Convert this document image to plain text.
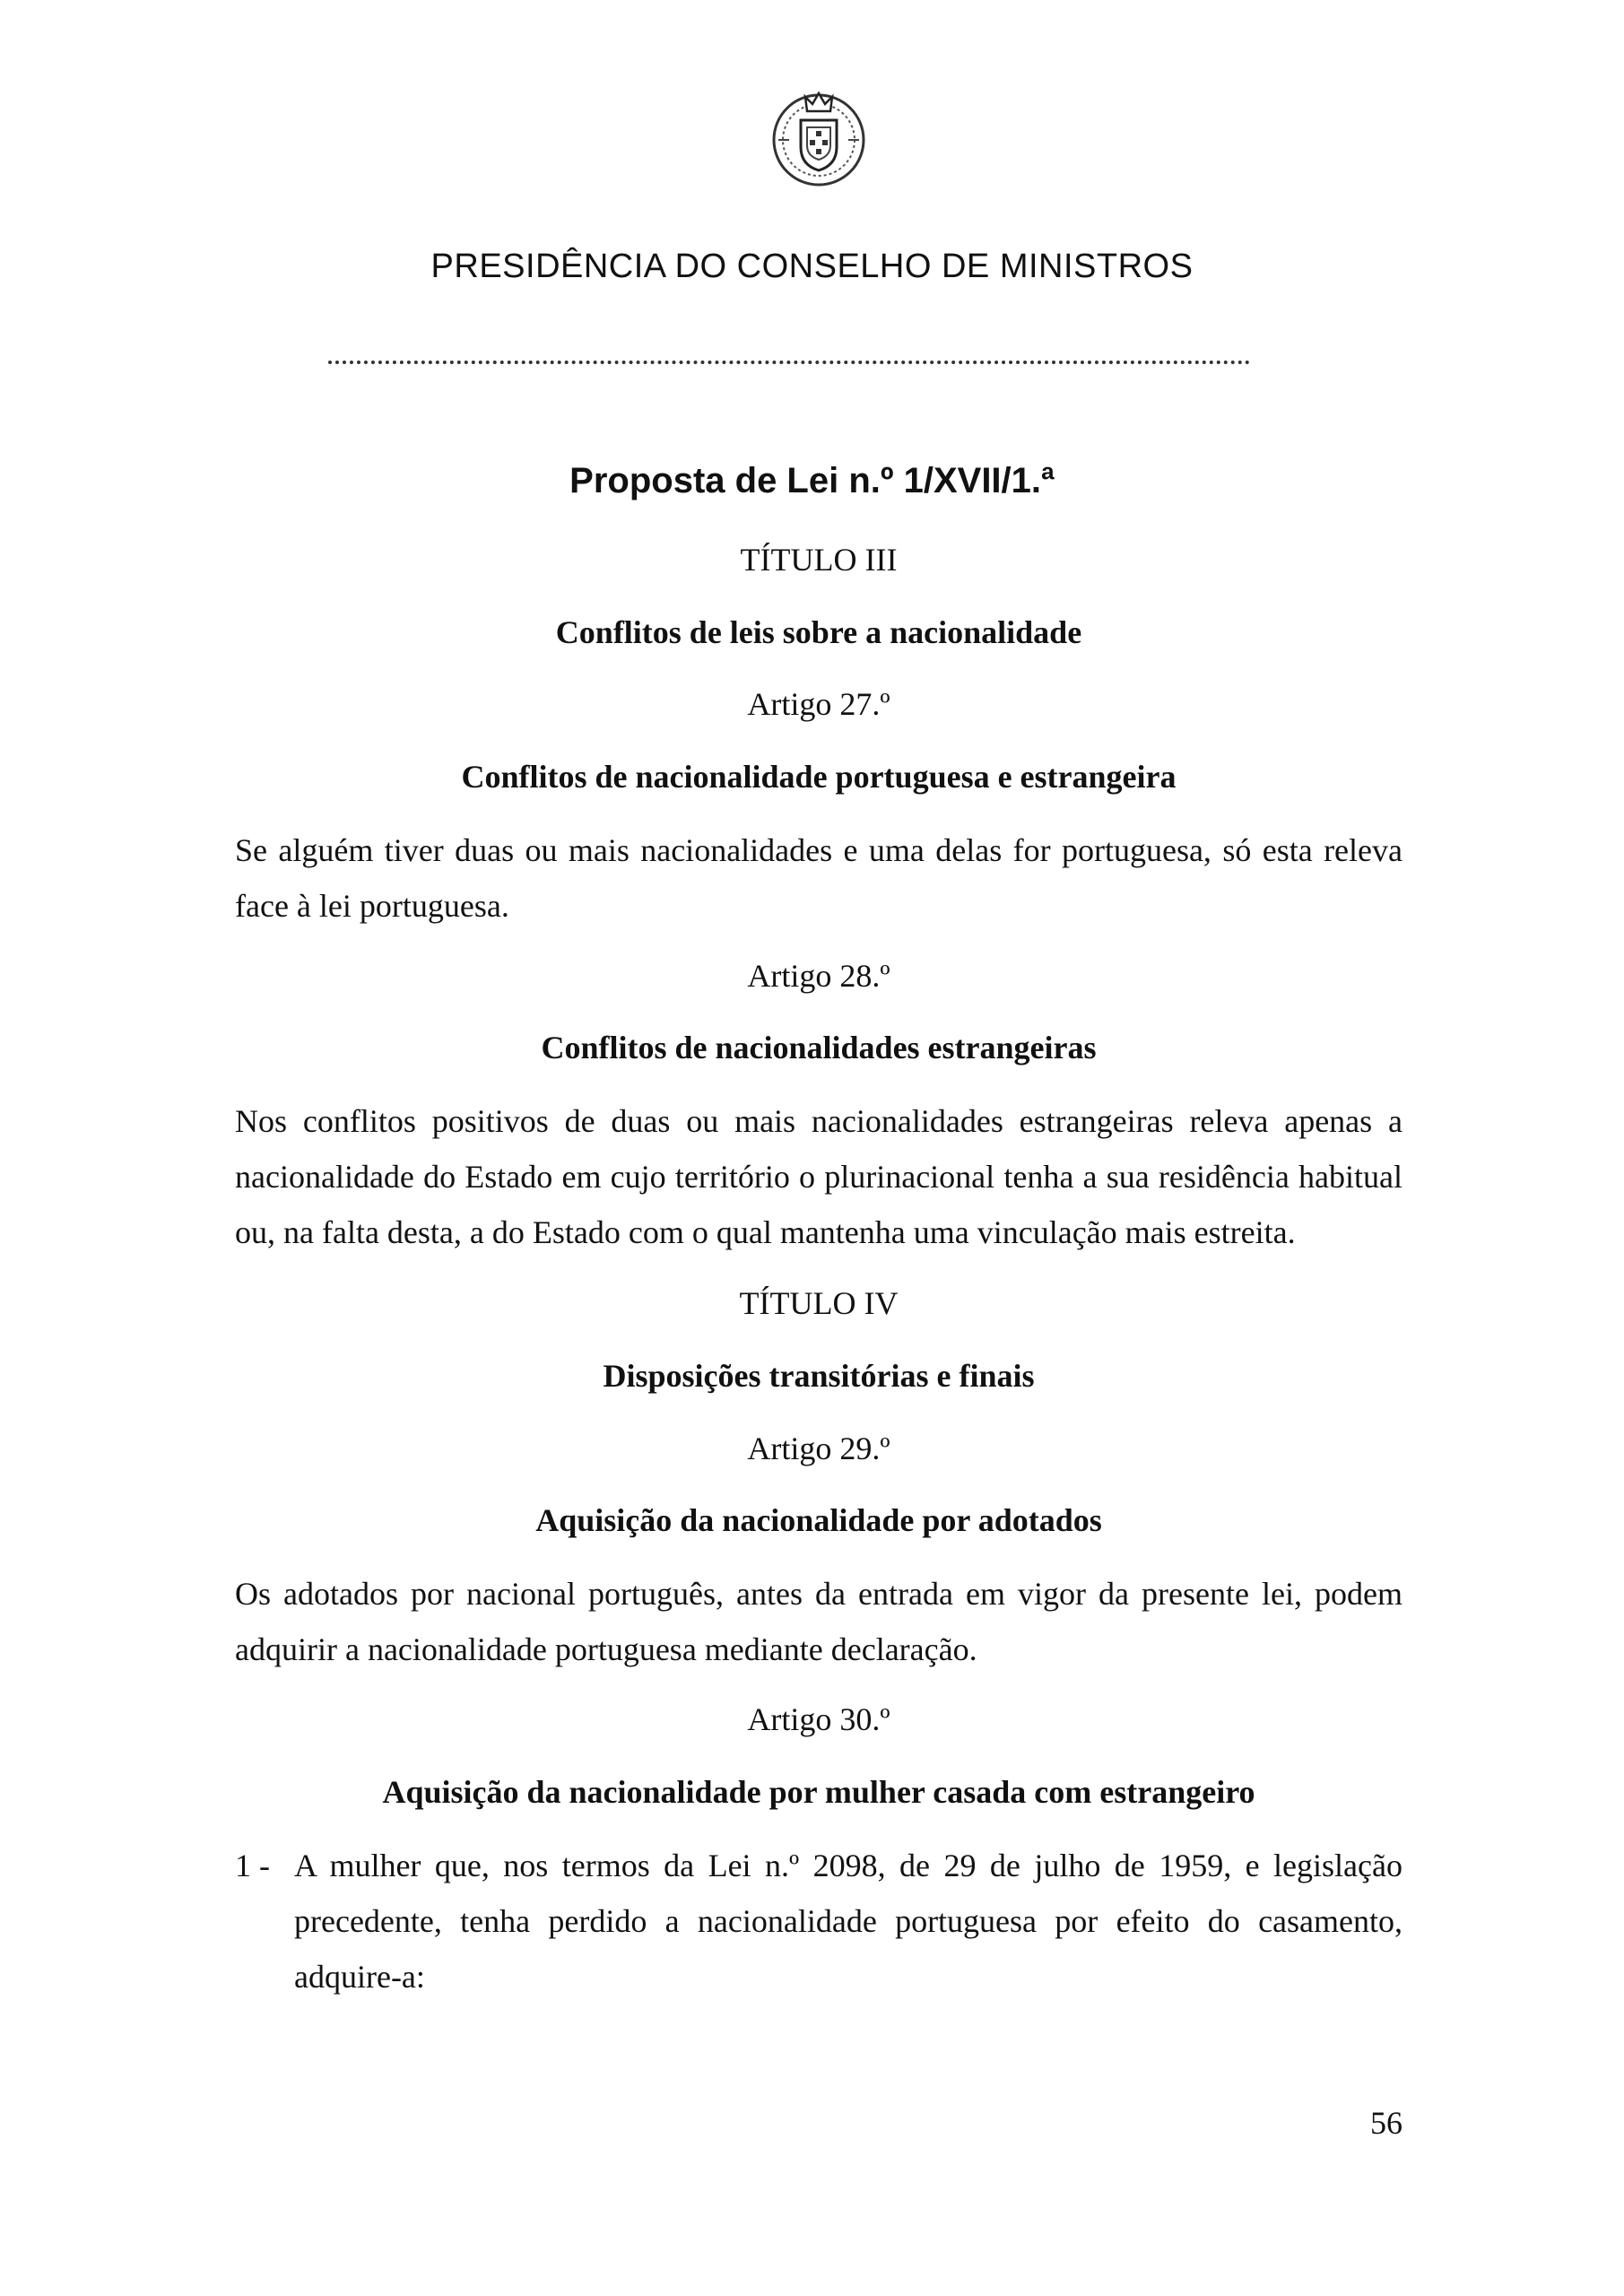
PRESIDÊNCIA DO CONSELHO DE MINISTROS
Proposta de Lei n.º 1/XVII/1.ª
TÍTULO III
Conflitos de leis sobre a nacionalidade
Artigo 27.º
Conflitos de nacionalidade portuguesa e estrangeira
Se alguém tiver duas ou mais nacionalidades e uma delas for portuguesa, só esta releva face à lei portuguesa.
Artigo 28.º
Conflitos de nacionalidades estrangeiras
Nos conflitos positivos de duas ou mais nacionalidades estrangeiras releva apenas a nacionalidade do Estado em cujo território o plurinacional tenha a sua residência habitual ou, na falta desta, a do Estado com o qual mantenha uma vinculação mais estreita.
TÍTULO IV
Disposições transitórias e finais
Artigo 29.º
Aquisição da nacionalidade por adotados
Os adotados por nacional português, antes da entrada em vigor da presente lei, podem adquirir a nacionalidade portuguesa mediante declaração.
Artigo 30.º
Aquisição da nacionalidade por mulher casada com estrangeiro
1 - A mulher que, nos termos da Lei n.º 2098, de 29 de julho de 1959, e legislação precedente, tenha perdido a nacionalidade portuguesa por efeito do casamento, adquire-a:
56
